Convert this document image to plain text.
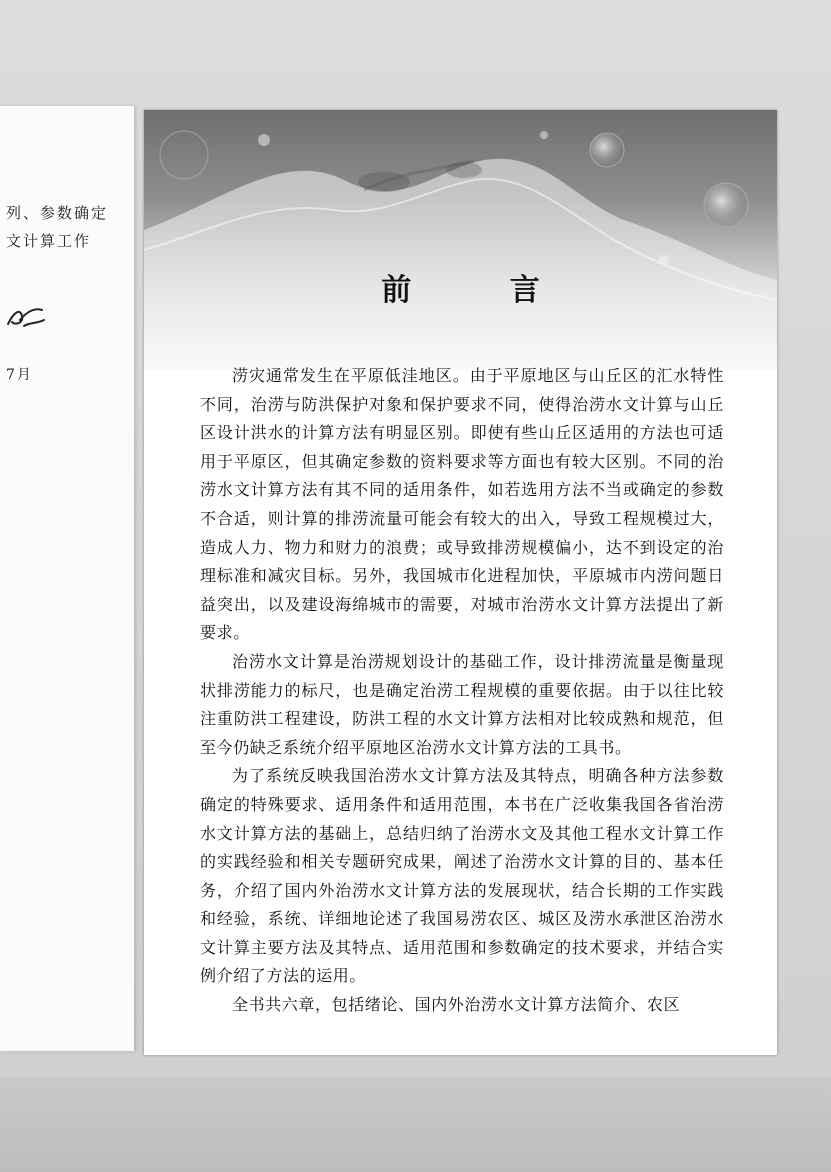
列、参数确定
文计算工作
7月
前 言

涝灾通常发生在平原低洼地区。由于平原地区与山丘区的汇水特性不同，治涝与防洪保护对象和保护要求不同，使得治涝水文计算与山丘区设计洪水的计算方法有明显区别。即使有些山丘区适用的方法也可适用于平原区，但其确定参数的资料要求等方面也有较大区别。不同的治涝水文计算方法有其不同的适用条件，如若选用方法不当或确定的参数不合适，则计算的排涝流量可能会有较大的出入，导致工程规模过大，造成人力、物力和财力的浪费；或导致排涝规模偏小，达不到设定的治理标准和减灾目标。另外，我国城市化进程加快，平原城市内涝问题日益突出，以及建设海绵城市的需要，对城市治涝水文计算方法提出了新要求。

治涝水文计算是治涝规划设计的基础工作，设计排涝流量是衡量现状排涝能力的标尺，也是确定治涝工程规模的重要依据。由于以往比较注重防洪工程建设，防洪工程的水文计算方法相对比较成熟和规范，但至今仍缺乏系统介绍平原地区治涝水文计算方法的工具书。

为了系统反映我国治涝水文计算方法及其特点，明确各种方法参数确定的特殊要求、适用条件和适用范围，本书在广泛收集我国各省治涝水文计算方法的基础上，总结归纳了治涝水文及其他工程水文计算工作的实践经验和相关专题研究成果，阐述了治涝水文计算的目的、基本任务，介绍了国内外治涝水文计算方法的发展现状，结合长期的工作实践和经验，系统、详细地论述了我国易涝农区、城区及涝水承泄区治涝水文计算主要方法及其特点、适用范围和参数确定的技术要求，并结合实例介绍了方法的运用。

全书共六章，包括绪论、国内外治涝水文计算方法简介、农区
